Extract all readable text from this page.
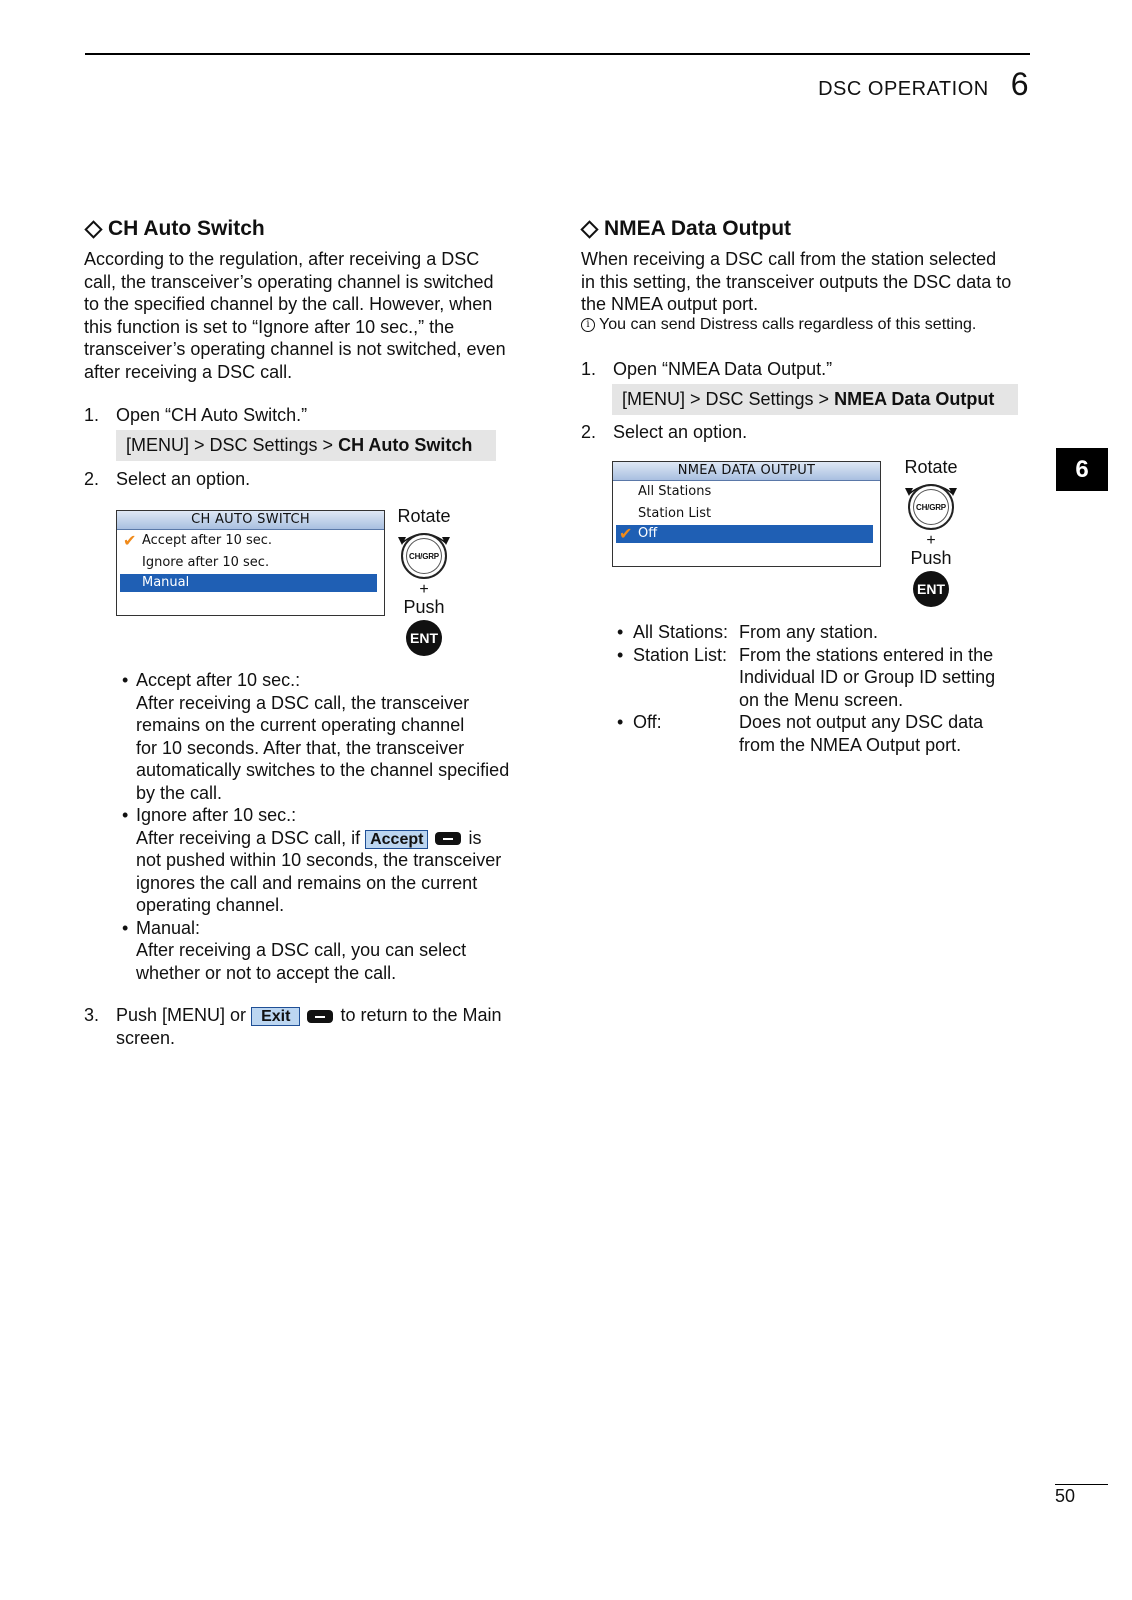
DSC OPERATION 6
6
50
CH Auto Switch
According to the regulation, after receiving a DSC
call, the transceiver’s operating channel is switched
to the specified channel by the call. However, when
this function is set to “Ignore after 10 sec.,” the
transceiver’s operating channel is not switched, even
after receiving a DSC call.
1. Open “CH Auto Switch.”
[MENU] > DSC Settings > CH Auto Switch
2. Select an option.
CH AUTO SWITCH
✔ Accept after 10 sec.
Ignore after 10 sec.
Manual
Rotate
CH/GRP
+
Push
ENT
• Accept after 10 sec.:
After receiving a DSC call, the transceiver
remains on the current operating channel
for 10 seconds. After that, the transceiver
automatically switches to the channel specified
by the call.
• Ignore after 10 sec.:
After receiving a DSC call, if Accept	is
not pushed within 10 seconds, the transceiver
ignores the call and remains on the current
operating channel.
• Manual:
After receiving a DSC call, you can select
whether or not to accept the call.
3. Push [MENU] or Exit	to return to the Main
screen.
NMEA Data Output
When receiving a DSC call from the station selected
in this setting, the transceiver outputs the DSC data to
the NMEA output port.
i You can send Distress calls regardless of this setting.
1. Open “NMEA Data Output.”
[MENU] > DSC Settings > NMEA Data Output
2. Select an option.
NMEA DATA OUTPUT
All Stations
Station List
✔ Off
Rotate
CH/GRP
+
Push
ENT
• All Stations: From any station.
• Station List: From the stations entered in the
Individual ID or Group ID setting
on the Menu screen.
• Off:	Does not output any DSC data
from the NMEA Output port.
